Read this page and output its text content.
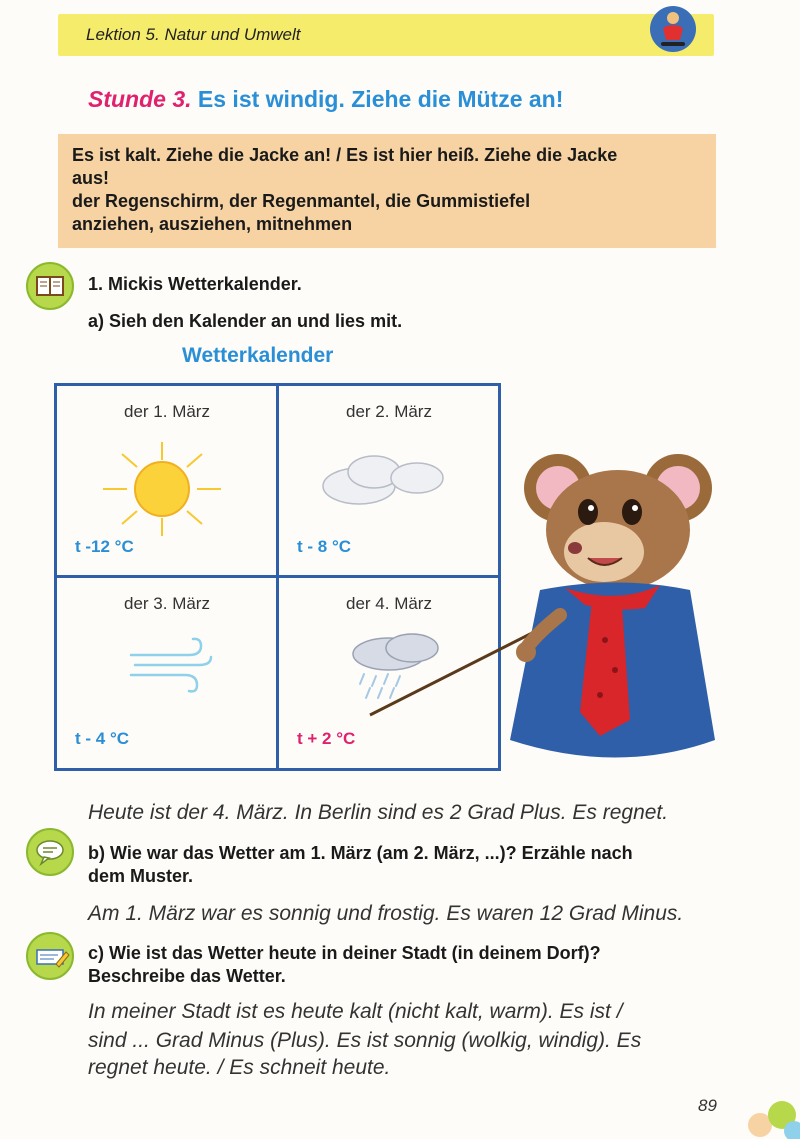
Lektion 5. Natur und Umwelt
Stunde 3. Es ist windig. Ziehe die Mütze an!
Es ist kalt. Ziehe die Jacke an! / Es ist hier heiß. Ziehe die Jacke
aus!
der Regenschirm, der Regenmantel, die Gummistiefel
anziehen, ausziehen, mitnehmen
1. Mickis Wetterkalender.
a) Sieh den Kalender an und lies mit.
Wetterkalender
der 1. März
t -12 °C
der 2. März
t - 8 °C
der 3. März
t - 4 °C
der 4. März
t + 2 °C
Heute ist der 4. März. In Berlin sind es 2 Grad Plus. Es regnet.
b) Wie war das Wetter am 1. März (am 2. März, ...)? Erzähle nach
dem Muster.
Am 1. März war es sonnig und frostig. Es waren 12 Grad Minus.
c) Wie ist das Wetter heute in deiner Stadt (in deinem Dorf)?
Beschreibe das Wetter.
In meiner Stadt ist es heute kalt (nicht kalt, warm). Es ist /
sind ... Grad Minus (Plus). Es ist sonnig (wolkig, windig). Es
regnet heute. / Es schneit heute.
89
